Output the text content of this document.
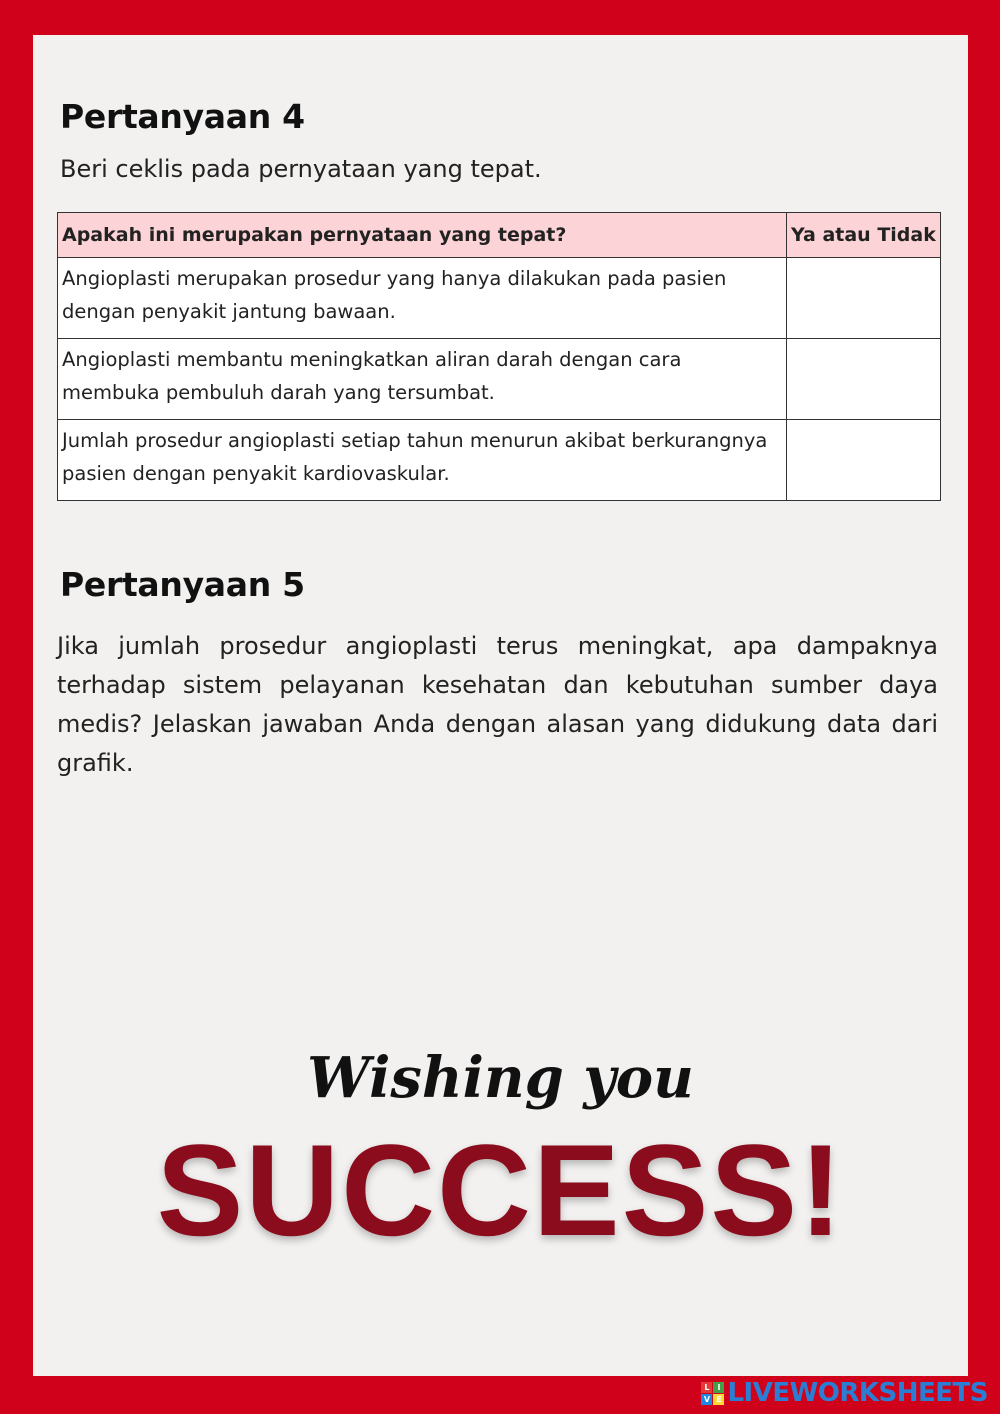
Pertanyaan 4
Beri ceklis pada pernyataan yang tepat.
Apakah ini merupakan pernyataan yang tepat?	Ya atau Tidak
Angioplasti merupakan prosedur yang hanya dilakukan pada pasien dengan penyakit jantung bawaan.	
Angioplasti membantu meningkatkan aliran darah dengan cara membuka pembuluh darah yang tersumbat.	
Jumlah prosedur angioplasti setiap tahun menurun akibat berkurangnya pasien dengan penyakit kardiovaskular.	
Pertanyaan 5

Jika jumlah prosedur angioplasti terus meningkat, apa dampaknya terhadap sistem pelayanan kesehatan dan kebutuhan sumber daya medis? Jelaskan jawaban Anda dengan alasan yang didukung data dari grafik.

Wishing you
SUCCESS!
L I
V E LIVEWORKSHEETS
